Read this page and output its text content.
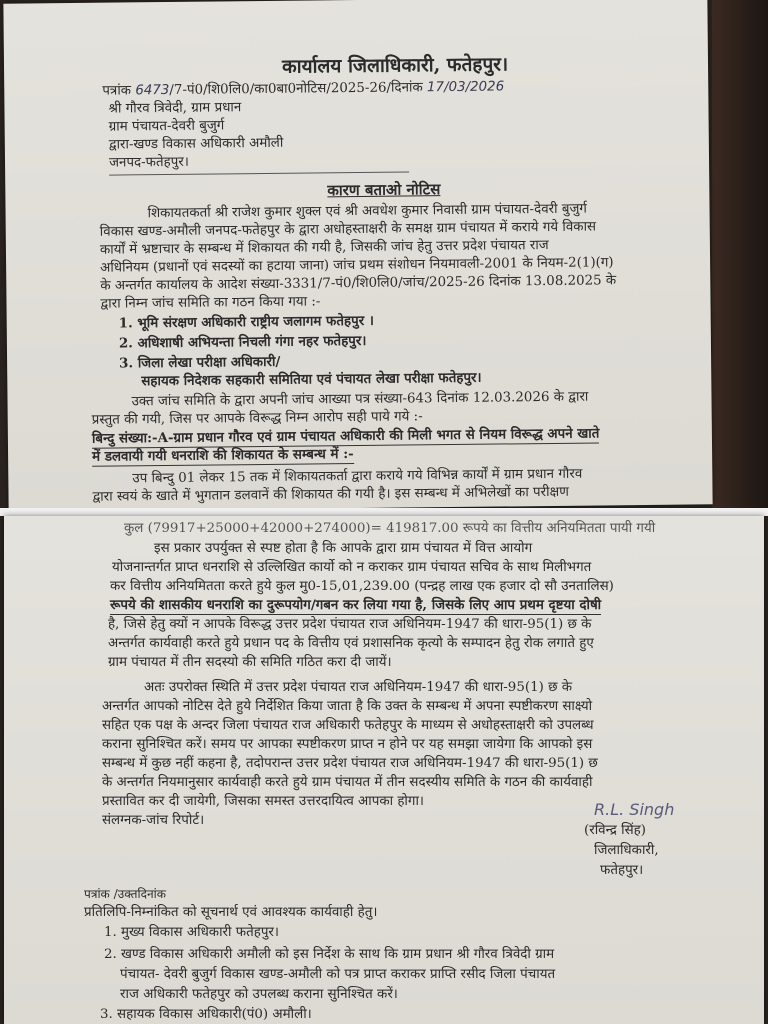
कार्यालय जिलाधिकारी, फतेहपुर।
पत्रांक 6473/7-पं0/शि0लि0/का0बा0नोटिस/2025-26/दिनांक 17/03/2026
श्री गौरव त्रिवेदी, ग्राम प्रधान
ग्राम पंचायत-देवरी बुजुर्ग
द्वारा-खण्ड विकास अधिकारी अमौली
जनपद-फतेहपुर।
कारण बताओ नोटिस
शिकायतकर्ता श्री राजेश कुमार शुक्ल एवं श्री अवधेश कुमार निवासी ग्राम पंचायत-देवरी बुजुर्ग
विकास खण्ड-अमौली जनपद-फतेहपुर के द्वारा अधोहस्ताक्षरी के समक्ष ग्राम पंचायत में कराये गये विकास
कार्यों में भ्रष्टाचार के सम्बन्ध में शिकायत की गयी है, जिसकी जांच हेतु उत्तर प्रदेश पंचायत राज
अधिनियम (प्रधानों एवं सदस्यों का हटाया जाना) जांच प्रथम संशोधन नियमावली-2001 के नियम-2(1)(ग)
के अन्तर्गत कार्यालय के आदेश संख्या-3331/7-पं0/शि0लि0/जांच/2025-26 दिनांक 13.08.2025 के
द्वारा निम्न जांच समिति का गठन किया गया :-
1. भूमि संरक्षण अधिकारी राष्ट्रीय जलागम फतेहपुर ।
2. अधिशाषी अभियन्ता निचली गंगा नहर फतेहपुर।
3. जिला लेखा परीक्षा अधिकारी/
सहायक निदेशक सहकारी समितिया एवं पंचायत लेखा परीक्षा फतेहपुर।
उक्त जांच समिति के द्वारा अपनी जांच आख्या पत्र संख्या-643 दिनांक 12.03.2026 के द्वारा
प्रस्तुत की गयी, जिस पर आपके विरूद्ध निम्न आरोप सही पाये गये :-
बिन्दु संख्या:-A-ग्राम प्रधान गौरव एवं ग्राम पंचायत अधिकारी की मिली भगत से नियम विरूद्ध अपने खाते
में डलवायी गयी धनराशि की शिकायत के सम्बन्ध में :-
उप बिन्दु 01 लेकर 15 तक में शिकायतकर्ता द्वारा कराये गये विभिन्न कार्यों में ग्राम प्रधान गौरव
द्वारा स्वयं के खाते में भुगतान डलवानें की शिकायत की गयी है। इस सम्बन्ध में अभिलेखों का परीक्षण
कुल (79917+25000+42000+274000)= 419817.00 रूपये का वित्तीय अनियमितता पायी गयी
इस प्रकार उपर्युक्त से स्पष्ट होता है कि आपके द्वारा ग्राम पंचायत में वित्त आयोग
योजनान्तर्गत प्राप्त धनराशि से उल्लिखित कार्यो को न कराकर ग्राम पंचायत सचिव के साथ मिलीभगत
कर वित्तीय अनियमितता करते हुये कुल मु0-15,01,239.00 (पन्द्रह लाख एक हजार दो सौ उनतालिस)
रूपये की शासकीय धनराशि का दुरूपयोग/गबन कर लिया गया है, जिसके लिए आप प्रथम दृष्टया दोषी
है, जिसे हेतु क्यों न आपके विरूद्ध उत्तर प्रदेश पंचायत राज अधिनियम-1947 की धारा-95(1) छ के
अन्तर्गत कार्यवाही करते हुये प्रधान पद के वित्तीय एवं प्रशासनिक कृत्यो के सम्पादन हेतु रोक लगाते हुए
ग्राम पंचायत में तीन सदस्यो की समिति गठित करा दी जायें।
अतः उपरोक्त स्थिति में उत्तर प्रदेश पंचायत राज अधिनियम-1947 की धारा-95(1) छ के
अन्तर्गत आपको नोटिस देते हुये निर्देशित किया जाता है कि उक्त के सम्बन्ध में अपना स्पष्टीकरण साक्ष्यो
सहित एक पक्ष के अन्दर जिला पंचायत राज अधिकारी फतेहपुर के माध्यम से अधोहस्ताक्षरी को उपलब्ध
कराना सुनिश्चित करें। समय पर आपका स्पष्टीकरण प्राप्त न होने पर यह समझा जायेगा कि आपको इस
सम्बन्ध में कुछ नहीं कहना है, तदोपरान्त उत्तर प्रदेश पंचायत राज अधिनियम-1947 की धारा-95(1) छ
के अन्तर्गत नियमानुसार कार्यवाही करते हुये ग्राम पंचायत में तीन सदस्यीय समिति के गठन की कार्यवाही
प्रस्तावित कर दी जायेगी, जिसका समस्त उत्तरदायित्व आपका होगा।
संलग्नक-जांच रिपोर्ट।
R.L. Singh
(रविन्द्र सिंह)
जिलाधिकारी,
फतेहपुर।
पत्रांक /उक्तदिनांक
प्रतिलिपि-निम्नांकित को सूचनार्थ एवं आवश्यक कार्यवाही हेतु।
1. मुख्य विकास अधिकारी फतेहपुर।
2. खण्ड विकास अधिकारी अमौली को इस निर्देश के साथ कि ग्राम प्रधान श्री गौरव त्रिवेदी ग्राम
पंचायत- देवरी बुजुर्ग विकास खण्ड-अमौली को पत्र प्राप्त कराकर प्राप्ति रसीद जिला पंचायत
राज अधिकारी फतेहपुर को उपलब्ध कराना सुनिश्चित करें।
3. सहायक विकास अधिकारी(पं0) अमौली।
